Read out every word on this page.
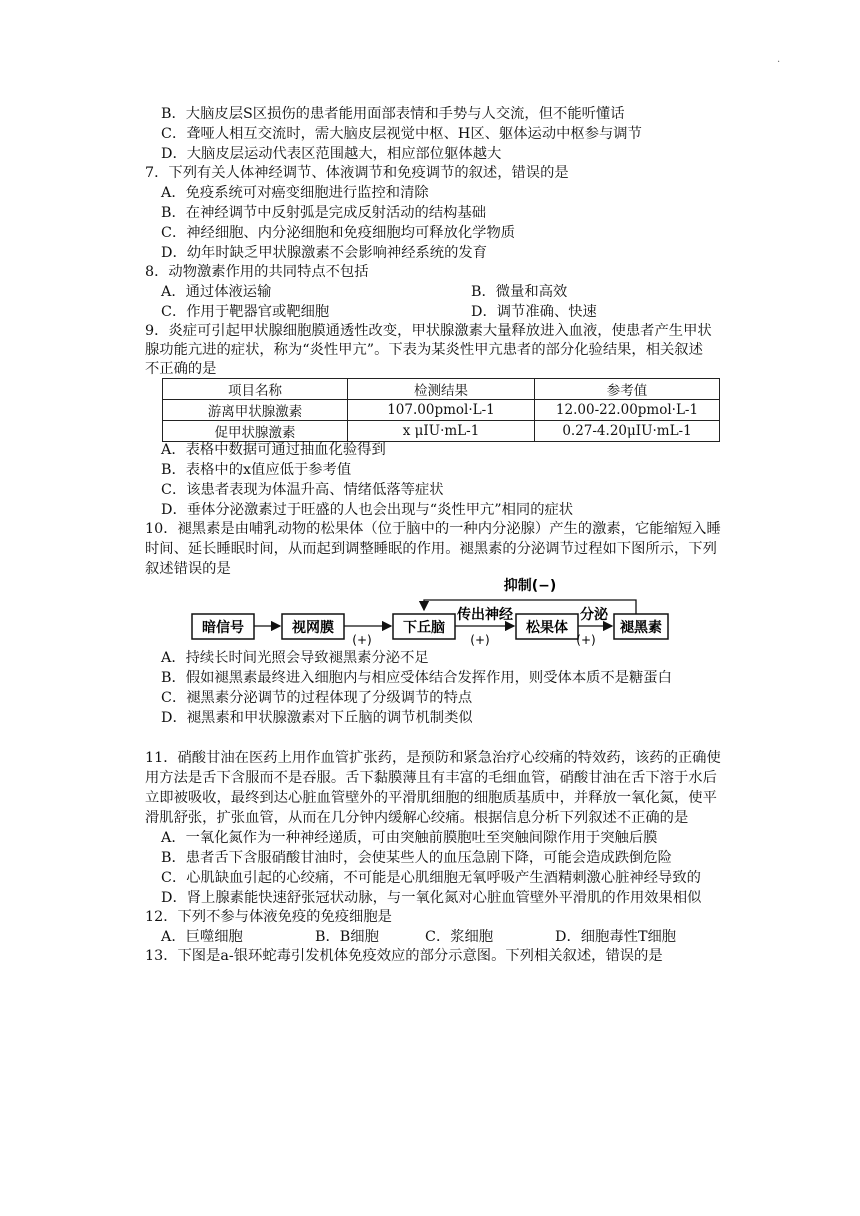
.
B．大脑皮层S区损伤的患者能用面部表情和手势与人交流，但不能听懂话
C．聋哑人相互交流时，需大脑皮层视觉中枢、H区、躯体运动中枢参与调节
D．大脑皮层运动代表区范围越大，相应部位躯体越大
7．下列有关人体神经调节、体液调节和免疫调节的叙述，错误的是
A．免疫系统可对癌变细胞进行监控和清除
B．在神经调节中反射弧是完成反射活动的结构基础
C．神经细胞、内分泌细胞和免疫细胞均可释放化学物质
D．幼年时缺乏甲状腺激素不会影响神经系统的发育
8．动物激素作用的共同特点不包括
A．通过体液运输	B．微量和高效
C．作用于靶器官或靶细胞	D．调节准确、快速
9．炎症可引起甲状腺细胞膜通透性改变，甲状腺激素大量释放进入血液，使患者产生甲状
腺功能亢进的症状，称为“炎性甲亢”。下表为某炎性甲亢患者的部分化验结果，相关叙述
不正确的是
项目名称	检测结果	参考值
游离甲状腺激素	107.00pmol·L-1	12.00-22.00pmol·L-1
促甲状腺激素	x μIU·mL-1	0.27-4.20μIU·mL-1
A．表格中数据可通过抽血化验得到
B．表格中的x值应低于参考值
C．该患者表现为体温升高、情绪低落等症状
D．垂体分泌激素过于旺盛的人也会出现与“炎性甲亢”相同的症状
10．褪黑素是由哺乳动物的松果体（位于脑中的一种内分泌腺）产生的激素，它能缩短入睡
时间、延长睡眠时间，从而起到调整睡眠的作用。褪黑素的分泌调节过程如下图所示，下列
叙述错误的是
抑制(−)
暗信号	视网膜	下丘脑	松果体	褪黑素
(+)
传出神经
(+)
分泌
(+)
A．持续长时间光照会导致褪黑素分泌不足
B．假如褪黑素最终进入细胞内与相应受体结合发挥作用，则受体本质不是糖蛋白
C．褪黑素分泌调节的过程体现了分级调节的特点
D．褪黑素和甲状腺激素对下丘脑的调节机制类似
11．硝酸甘油在医药上用作血管扩张药，是预防和紧急治疗心绞痛的特效药，该药的正确使
用方法是舌下含服而不是吞服。舌下黏膜薄且有丰富的毛细血管，硝酸甘油在舌下溶于水后
立即被吸收，最终到达心脏血管壁外的平滑肌细胞的细胞质基质中，并释放一氧化氮，使平
滑肌舒张，扩张血管，从而在几分钟内缓解心绞痛。根据信息分析下列叙述不正确的是
A．一氧化氮作为一种神经递质，可由突触前膜胞吐至突触间隙作用于突触后膜
B．患者舌下含服硝酸甘油时，会使某些人的血压急剧下降，可能会造成跌倒危险
C．心肌缺血引起的心绞痛，不可能是心肌细胞无氧呼吸产生酒精刺激心脏神经导致的
D．肾上腺素能快速舒张冠状动脉，与一氧化氮对心脏血管壁外平滑肌的作用效果相似
12．下列不参与体液免疫的免疫细胞是
A．巨噬细胞	B．B细胞	C．浆细胞	D．细胞毒性T细胞
13．下图是a-银环蛇毒引发机体免疫效应的部分示意图。下列相关叙述，错误的是
